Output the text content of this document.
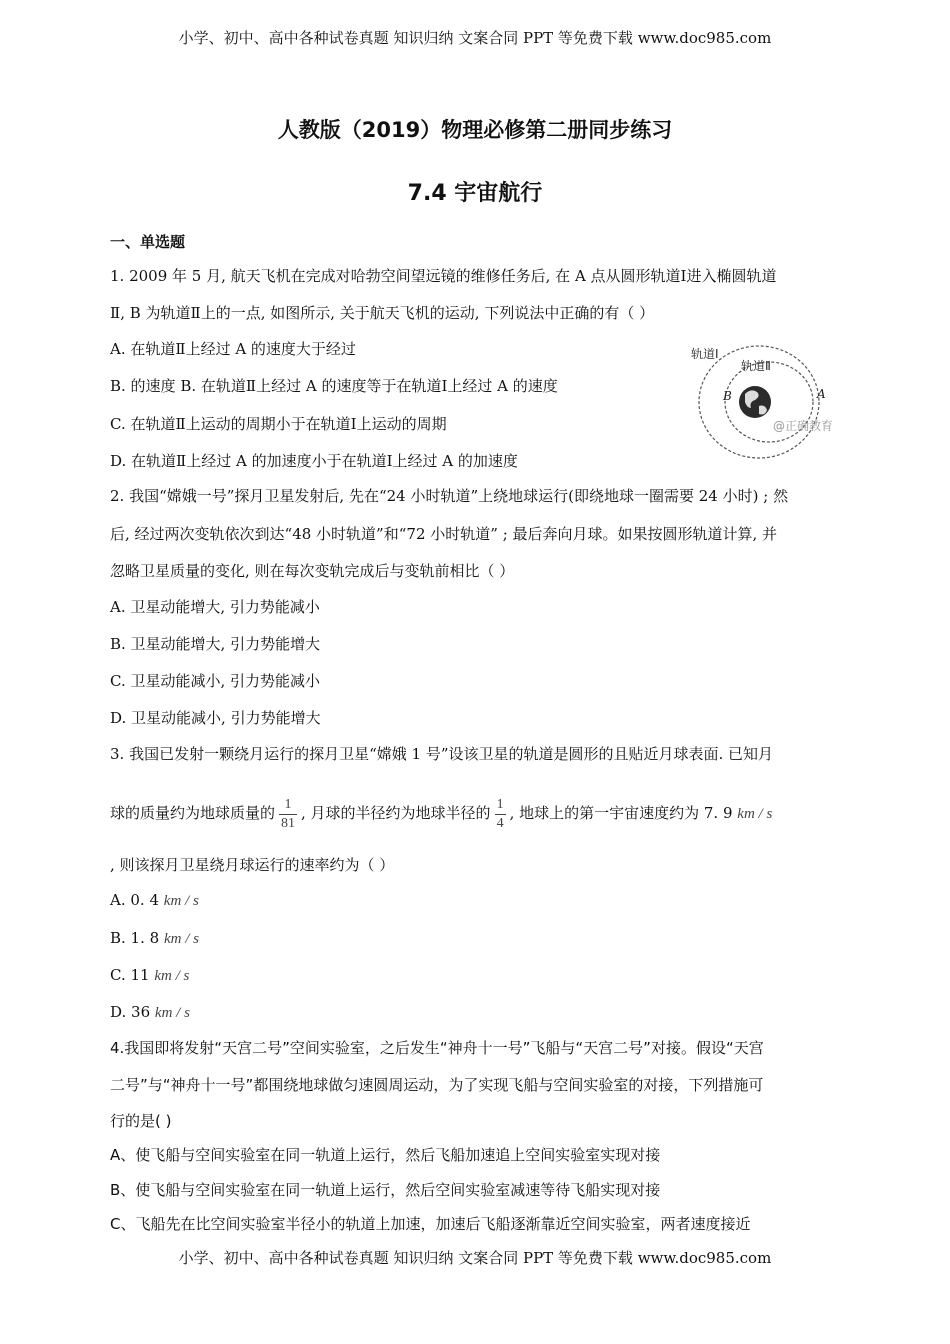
小学、初中、高中各种试卷真题 知识归纳 文案合同 PPT 等免费下载 www.doc985.com
人教版（2019）物理必修第二册同步练习
7.4 宇宙航行
一、单选题
1. 2009 年 5 月, 航天飞机在完成对哈勃空间望远镜的维修任务后, 在 A 点从圆形轨道Ⅰ进入椭圆轨道
Ⅱ, B 为轨道Ⅱ上的一点, 如图所示, 关于航天飞机的运动, 下列说法中正确的有（ ）
A. 在轨道Ⅱ上经过 A 的速度大于经过
B. 的速度 B. 在轨道Ⅱ上经过 A 的速度等于在轨道Ⅰ上经过 A 的速度
C. 在轨道Ⅱ上运动的周期小于在轨道Ⅰ上运动的周期
D. 在轨道Ⅱ上经过 A 的加速度小于在轨道Ⅰ上经过 A 的加速度
轨道Ⅰ
轨道Ⅱ
A
B
@正确教育
2. 我国“嫦娥一号”探月卫星发射后, 先在“24 小时轨道”上绕地球运行(即绕地球一圈需要 24 小时) ; 然
后, 经过两次变轨依次到达“48 小时轨道”和“72 小时轨道” ; 最后奔向月球。如果按圆形轨道计算, 并
忽略卫星质量的变化, 则在每次变轨完成后与变轨前相比（ ）
A. 卫星动能增大, 引力势能减小
B. 卫星动能增大, 引力势能增大
C. 卫星动能减小, 引力势能减小
D. 卫星动能减小, 引力势能增大
3. 我国已发射一颗绕月运行的探月卫星“嫦娥 1 号”设该卫星的轨道是圆形的且贴近月球表面. 已知月
球的质量约为地球质量的 $\frac{1}{81}$ , 月球的半径约为地球半径的 $\frac{1}{4}$ , 地球上的第一宇宙速度约为 7. 9 km / s
, 则该探月卫星绕月球运行的速率约为（ ）
A. 0. 4 km / s
B. 1. 8 km / s
C. 11 km / s
D. 36 km / s
4.我国即将发射“天宫二号”空间实验室，之后发生“神舟十一号”飞船与“天宫二号”对接。假设“天宫
二号”与“神舟十一号”都围绕地球做匀速圆周运动，为了实现飞船与空间实验室的对接，下列措施可
行的是( )
A、使飞船与空间实验室在同一轨道上运行，然后飞船加速追上空间实验室实现对接
B、使飞船与空间实验室在同一轨道上运行，然后空间实验室减速等待飞船实现对接
C、飞船先在比空间实验室半径小的轨道上加速，加速后飞船逐渐靠近空间实验室，两者速度接近
小学、初中、高中各种试卷真题 知识归纳 文案合同 PPT 等免费下载 www.doc985.com
